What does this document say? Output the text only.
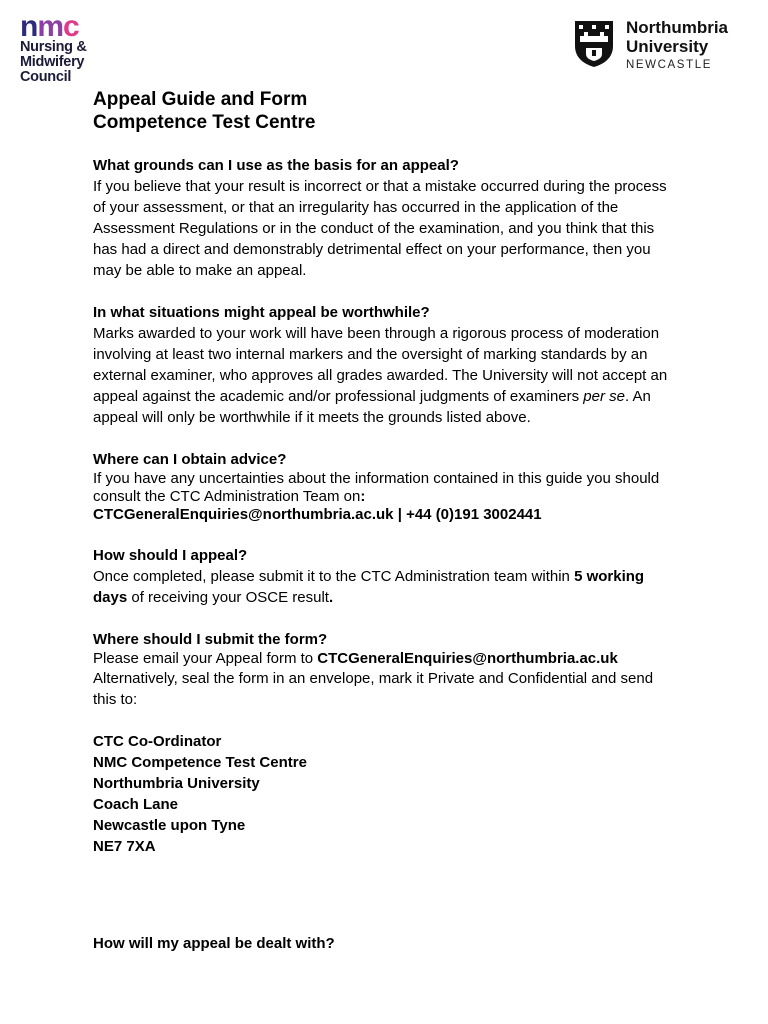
nmc
Nursing &
Midwifery
Council
Northumbria
University
NEWCASTLE
Appeal Guide and Form
Competence Test Centre
What grounds can I use as the basis for an appeal?

If you believe that your result is incorrect or that a mistake occurred during the process of your assessment, or that an irregularity has occurred in the application of the Assessment Regulations or in the conduct of the examination, and you think that this has had a direct and demonstrably detrimental effect on your performance, then you may be able to make an appeal.

In what situations might appeal be worthwhile?

Marks awarded to your work will have been through a rigorous process of moderation involving at least two internal markers and the oversight of marking standards by an external examiner, who approves all grades awarded. The University will not accept an appeal against the academic and/or professional judgments of examiners per se. An appeal will only be worthwhile if it meets the grounds listed above.

Where can I obtain advice?

If you have any uncertainties about the information contained in this guide you should consult the CTC Administration Team on:

CTCGeneralEnquiries@northumbria.ac.uk | +44 (0)191 3002441

How should I appeal?

Once completed, please submit it to the CTC Administration team within 5 working days of receiving your OSCE result.

Where should I submit the form?

Please email your Appeal form to CTCGeneralEnquiries@northumbria.ac.uk

Alternatively, seal the form in an envelope, mark it Private and Confidential and send this to:

CTC Co-Ordinator
NMC Competence Test Centre
Northumbria University
Coach Lane
Newcastle upon Tyne
NE7 7XA
How will my appeal be dealt with?
